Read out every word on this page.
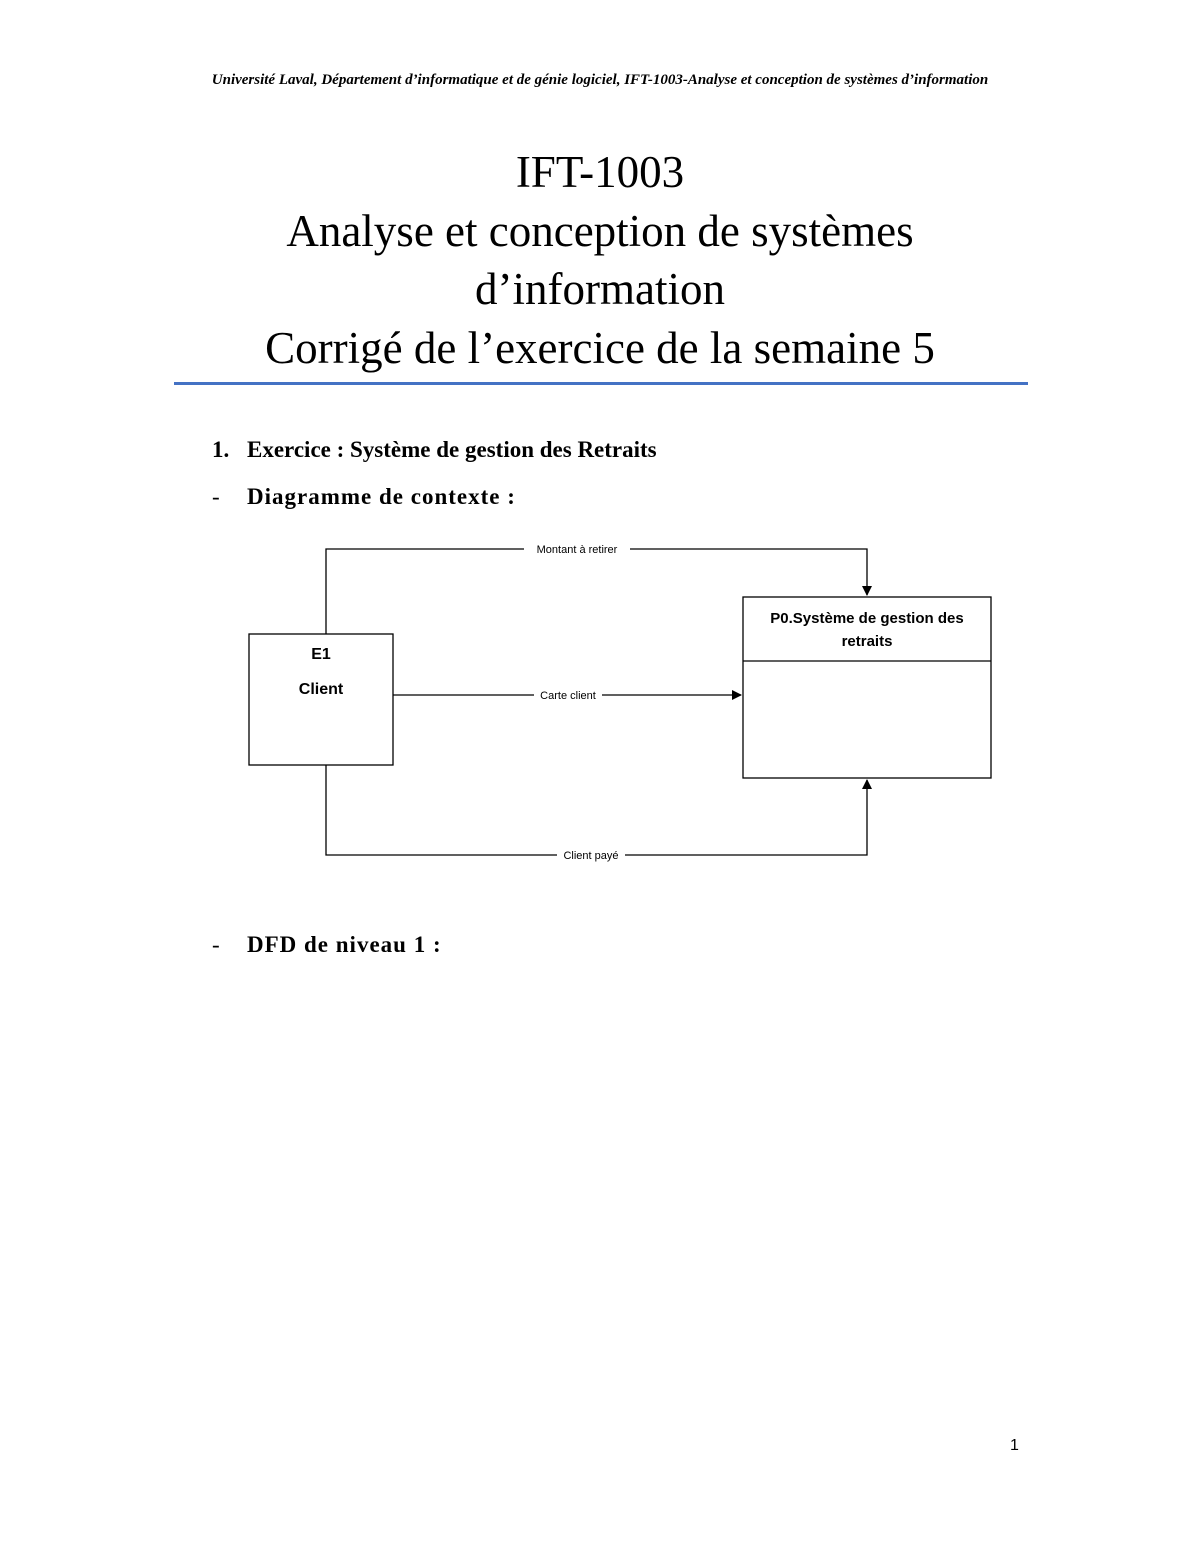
Université Laval, Département d’informatique et de génie logiciel, IFT-1003-Analyse et conception de systèmes d’information
IFT-1003
Analyse et conception de systèmes
d’information
Corrigé de l’exercice de la semaine 5
1. Exercice : Système de gestion des Retraits
- Diagramme de contexte :
E1
Client
P0.Système de gestion des
retraits
Montant à retirer
Carte client
Client payé
- DFD de niveau 1 :
1
